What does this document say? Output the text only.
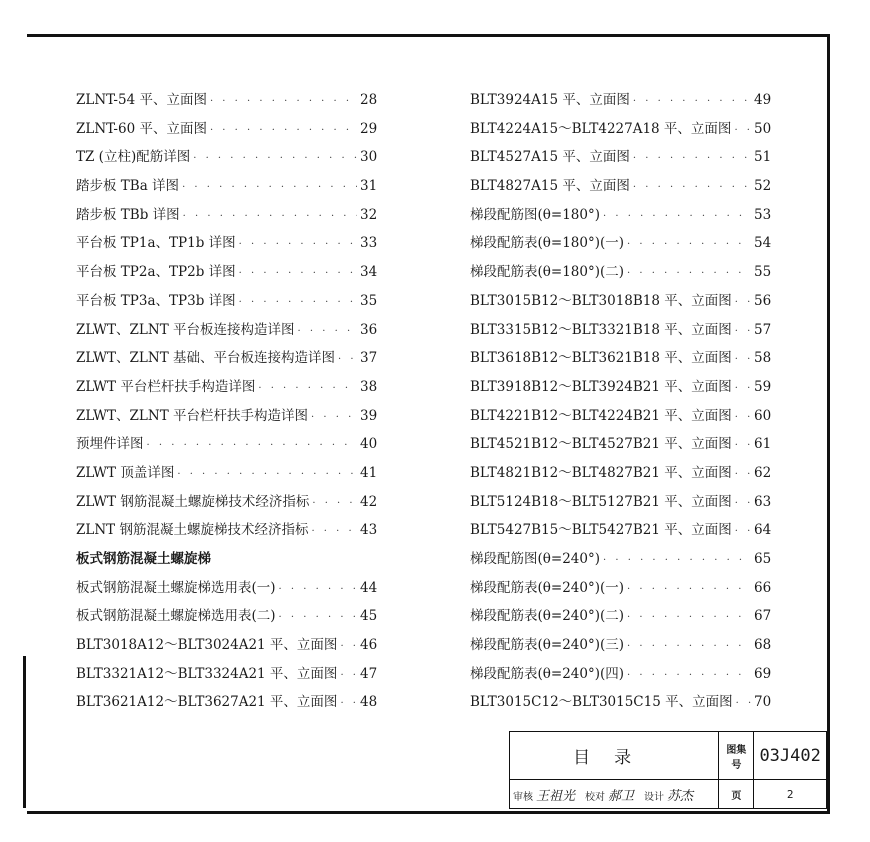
ZLNT-54 平、立面图 · · ·	28
ZLNT-60 平、立面图 · · ·	29
TZ (立柱)配筋详图 · · ·	30
踏步板 TBa 详图 · · ·	31
踏步板 TBb 详图 · · ·	32
平台板 TP1a、TP1b 详图 · · ·	33
平台板 TP2a、TP2b 详图 · · ·	34
平台板 TP3a、TP3b 详图 · · ·	35
ZLWT、ZLNT 平台板连接构造详图 · · ·	36
ZLWT、ZLNT 基础、平台板连接构造详图 · · · 37
ZLWT 平台栏杆扶手构造详图 · · ·	38
ZLWT、ZLNT 平台栏杆扶手构造详图 · · ·	39
预埋件详图 · · ·	40
ZLWT 顶盖详图 · · ·	41
ZLWT 钢筋混凝土螺旋梯技术经济指标 · · ·	42
ZLNT 钢筋混凝土螺旋梯技术经济指标 · · ·	43
板式钢筋混凝土螺旋梯
板式钢筋混凝土螺旋梯选用表(一) · · ·	44
板式钢筋混凝土螺旋梯选用表(二) · · ·	45
BLT3018A12～BLT3024A21 平、立面图 · · · 46
BLT3321A12～BLT3324A21 平、立面图 · · · 47
BLT3621A12～BLT3627A21 平、立面图 · · · 48
BLT3924A15 平、立面图 · · ·	49
BLT4224A15～BLT4227A18 平、立面图 · · · 50
BLT4527A15 平、立面图 · · ·	51
BLT4827A15 平、立面图 · · ·	52
梯段配筋图(θ=180°) · · ·	53
梯段配筋表(θ=180°)(一) · · ·	54
梯段配筋表(θ=180°)(二) · · ·	55
BLT3015B12～BLT3018B18 平、立面图 · · · 56
BLT3315B12～BLT3321B18 平、立面图 · · · 57
BLT3618B12～BLT3621B18 平、立面图 · · · 58
BLT3918B12～BLT3924B21 平、立面图 · · · 59
BLT4221B12～BLT4224B21 平、立面图 · · · 60
BLT4521B12～BLT4527B21 平、立面图 · · · 61
BLT4821B12～BLT4827B21 平、立面图 · · · 62
BLT5124B18～BLT5127B21 平、立面图 · · · 63
BLT5427B15～BLT5427B21 平、立面图 · · · 64
梯段配筋图(θ=240°) · · ·	65
梯段配筋表(θ=240°)(一) · · ·	66
梯段配筋表(θ=240°)(二) · · ·	67
梯段配筋表(θ=240°)(三) · · ·	68
梯段配筋表(θ=240°)(四) · · ·	69
BLT3015C12～BLT3015C15 平、立面图 · · · 70
目录	图集号	03J402
审核 王祖光 校对 郝卫 设计 苏杰	页	2
